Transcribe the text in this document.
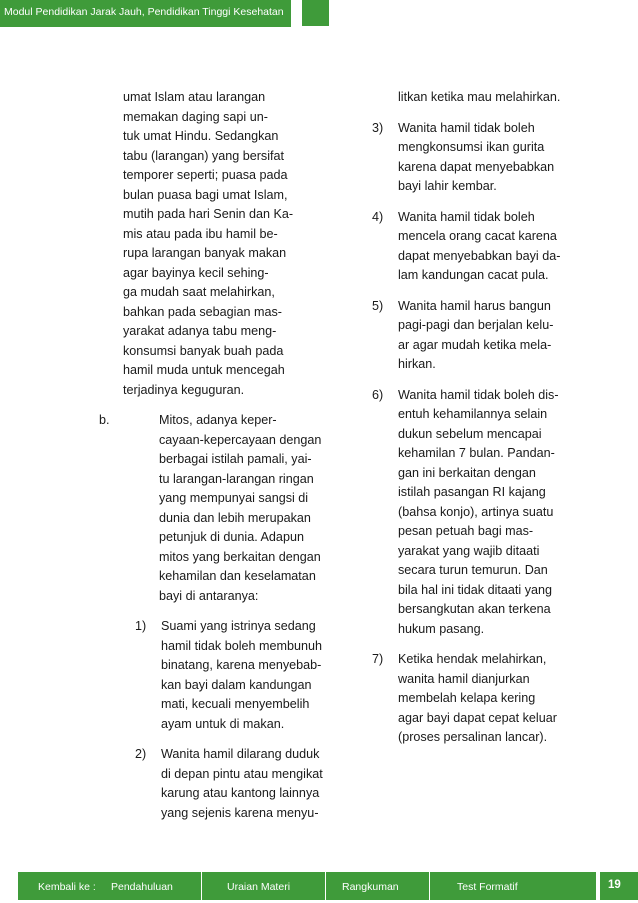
Modul Pendidikan Jarak Jauh, Pendidikan Tinggi Kesehatan

umat Islam atau larangan

memakan daging sapi un-

tuk umat Hindu. Sedangkan

tabu (larangan) yang bersifat

temporer seperti; puasa pada

bulan puasa bagi umat Islam,

mutih pada hari Senin dan Ka-

mis atau pada ibu hamil be-

rupa larangan banyak makan

agar bayinya kecil sehing-

ga mudah saat melahirkan,

bahkan pada sebagian mas-

yarakat adanya tabu meng-

konsumsi banyak buah pada

hamil muda untuk mencegah

terjadinya keguguran.

b.	Mitos, adanya keper-

cayaan-kepercayaan dengan

berbagai istilah pamali, yai-

tu larangan-larangan ringan

yang mempunyai sangsi di

dunia dan lebih merupakan

petunjuk di dunia. Adapun

mitos yang berkaitan dengan

kehamilan dan keselamatan

bayi di antaranya:

1) Suami yang istrinya sedang

hamil tidak boleh membunuh

binatang, karena menyebab-

kan bayi dalam kandungan

mati, kecuali menyembelih

ayam untuk di makan.

2) Wanita hamil dilarang duduk

di depan pintu atau mengikat

karung atau kantong lainnya

yang sejenis karena menyu-

litkan ketika mau melahirkan.

3) Wanita hamil tidak boleh

mengkonsumsi ikan gurita

karena dapat menyebabkan

bayi lahir kembar.

4) Wanita hamil tidak boleh

mencela orang cacat karena

dapat menyebabkan bayi da-

lam kandungan cacat pula.

5) Wanita hamil harus bangun

pagi-pagi dan berjalan kelu-

ar agar mudah ketika mela-

hirkan.

6) Wanita hamil tidak boleh dis-

entuh kehamilannya selain

dukun sebelum mencapai

kehamilan 7 bulan. Pandan-

gan ini berkaitan dengan

istilah pasangan RI kajang

(bahsa konjo), artinya suatu

pesan petuah bagi mas-

yarakat yang wajib ditaati

secara turun temurun. Dan

bila hal ini tidak ditaati yang

bersangkutan akan terkena

hukum pasang.

7) Ketika hendak melahirkan,

wanita hamil dianjurkan

membelah kelapa kering

agar bayi dapat cepat keluar

(proses persalinan lancar).

Kembali ke : Pendahuluan	Uraian Materi	Rangkuman	Test Formatif	19
